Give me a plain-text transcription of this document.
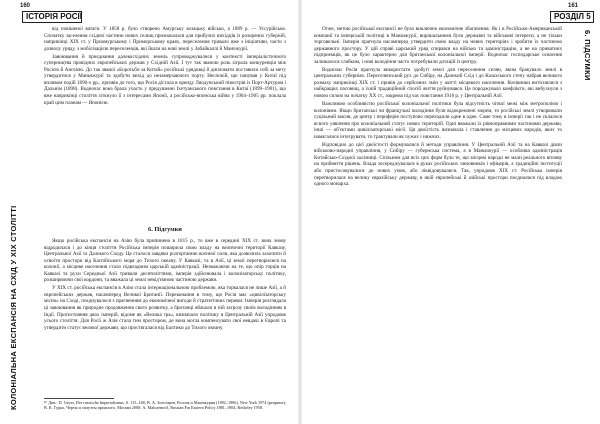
160
ІСТОРІЯ РОСІЇ
КОЛОНІАЛЬНА ЕКСПАНСІЯ НА СХІД У ХІХ СТОЛІТТІ

від повішеної ватаги. У 1858 р. було створено Амурську козацьку військо, а 1889 р. — Уссурійське. Спочатку заселення східної частини нових селищ призначалася для прибулих вихідців із розорених губерній, наприкінці ХІХ ст. у Приамурському і Приморському краях, переселення тривало вже з ініціативи, часто з дозволу уряду, з мобілізацією переселенців, які йшли на нові землі у Забайкаллі й Манчжурії.

Завоювання й приєднання далекосхідних земель супроводжувалися у контексті імперіалістичного суперництва провідних європейських держав у Східній Азії. І тут так званою роль зіграла конкуренція між Росією й Англією. До так званої «Боротьби за Китай» російські урядовці й дипломати поставили собі за мету утвердитися у Маньчжурії та здобути вихід до незамерзаючого порту. Неспокій, що панував у Китаї під впливом подій 1890-х рр., призвів до того, що Росія дістала в оренду Ляодунський півострів із Порт-Артуром і Дальнім (1898). Водночас вона брала участь у придушенні Іхетуанського повстання в Китаї (1899–1901), що вже наприкінці століття зіткнуло її з інтересами Японії, а російсько-японська війна у 1904–1905 рр. поклала край цим планам — Японією.

6. Підсумки

Якщо російська експансія на Азію була припинена в 1815 р., то вже в середині XIX ст. вона знову відродилася і до кінця століття Російська імперія поширила свою владу на величезні території Кавказу, Центральної Азії та Далекого Сходу. Це сталося завдяки розгортанню воєнної сили, яка дозволила захопити й освоїти простори від Каспійського моря до Тихого океану. У Кавказі, та в Азії, ці землі перетворилися на колонії, а місцеве населення стало підвладним царській адміністрації. Незважаючи на те, що опір горців на Кавказі та рухи Середньої Азії тривали десятиліттями, імперія здійснювала і колонізаторську політику, розширюючи свої кордони, та вважала ці землі невід'ємною частиною держави.

У XIX ст. російська експансія в Азію стала інтернаціональною проблемою, яка торкалася не лише Азії, а й європейських держав, насамперед Великої Британії. Переконання в тому, що Росія має «цивілізаторську місію» на Сході, поєднувалося з прагненням до економічної вигоди й стратегічних переваг. Імперія розглядала ці завоювання як природне продовження свого розвитку, а британці вбачали в ній загрозу своїм володінням в Індії. Протистояння двох імперій, відоме як «Велика гра», визначало політику в Центральній Азії упродовж усього століття. Для Росії ж Азія стала тим простором, де вона могла компенсувати свої невдачі в Європі та утвердити статус великої держави, що простягалася від Балтики до Тихого океану.

⁴⁰ Див.: D. Geyer, Der russische Imperialismus, S. 115–168; В. А. Золотарев, Россия и Манчжурия (1892–1906), New York 1974 (репринт); В. К. Гурко, Черты и силуэты прошлого, Москва 2000; A. Malozemoff, Russian Far Eastern Policy 1881–1904, Berkeley 1958.
161
РОЗДІЛ 5
6. ПІДСУМКИ

Отже, метою російської експансії не було виключно економічне збагачення. Як і в Російсько-Американській компанії та імперській політиці в Маньчжурії, вирішальними були державні та військові інтереси, а не тільки торговельні. Імперія прагнула насамперед утвердити свою владу на нових територіях і зробити їх частиною державного простору. У цій справі царський уряд спирався на військо та адміністрацію, а не на приватних підприємців, як це було характерно для британської колоніальної імперії. Водночас господарське освоєння залишалося слабким, і нові володіння часто потребували дотацій із центру.

Водночас Росія прагнула використати здобуті землі для переселення селян, яким бракувало землі в центральних губерніях. Переселенський рух до Сибіру, на Далекий Схід і до Казахського степу набрав великого розмаху наприкінці ХІХ ст. і привів до серйозних змін у житті місцевого населення. Кочівники витіснялися з найкращих пасовищ, а їхній традиційний спосіб життя руйнувався. Це породжувало конфлікти, які вибухнули з новою силою на початку ХХ ст., зокрема під час повстання 1916 р. у Центральній Азії.

Важливою особливістю російської колоніальної політики була відсутність чіткої межі між метрополією і колоніями. Якщо британські чи французькі володіння були відокремлені морем, то російські землі утворювали суцільний масив, де центр і периферія поступово переходили одне в одне. Саме тому в імперії так і не склалося ясного уявлення про колоніальний статус нових територій. Одні вважали їх рівноправними частинами держави, інші — об'єктами цивілізаторської місії. Ця двоїстість визначала і ставлення до місцевих народів, яких то намагалися інтегрувати, то трактували як чужих і нижчих.

Відповідно до цієї двоїстості формувалися й методи управління. У Центральній Азії та на Кавказі діяли військово-народні управління, у Сибіру — губернська система, а в Маньчжурії — особлива адміністрація Китайсько-Східної залізниці. Спільним для всіх цих форм було те, що місцеві народи не мали реального впливу на прийняття рішень. Влада зосереджувалася в руках російських чиновників і офіцерів, а традиційні інституції або пристосовувалися до нових умов, або ліквідовувалися. Так, упродовж ХІХ ст. Російська імперія перетворилася на велику євразійську державу, в якій європейські й азійські простори поєдналися під владою одного монарха.
